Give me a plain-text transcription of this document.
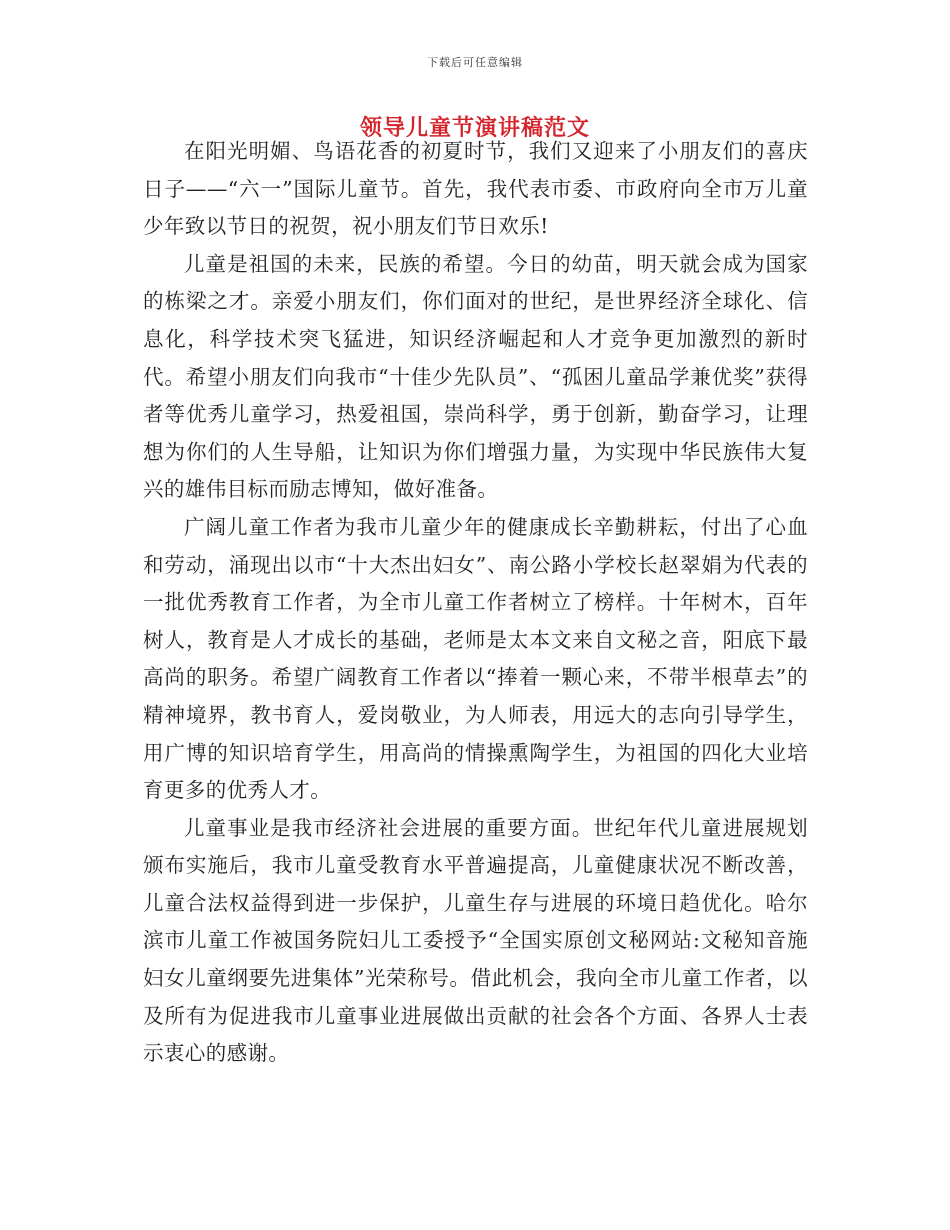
下载后可任意编辑
领导儿童节演讲稿范文

在阳光明媚、鸟语花香的初夏时节，我们又迎来了小朋友们的喜庆日子——“六一”国际儿童节。首先，我代表市委、市政府向全市万儿童少年致以节日的祝贺，祝小朋友们节日欢乐!

儿童是祖国的未来，民族的希望。今日的幼苗，明天就会成为国家的栋梁之才。亲爱小朋友们，你们面对的世纪，是世界经济全球化、信息化，科学技术突飞猛进，知识经济崛起和人才竞争更加激烈的新时代。希望小朋友们向我市“十佳少先队员”、“孤困儿童品学兼优奖”获得者等优秀儿童学习，热爱祖国，崇尚科学，勇于创新，勤奋学习，让理想为你们的人生导船，让知识为你们增强力量，为实现中华民族伟大复兴的雄伟目标而励志博知，做好准备。

广阔儿童工作者为我市儿童少年的健康成长辛勤耕耘，付出了心血和劳动，涌现出以市“十大杰出妇女”、南公路小学校长赵翠娟为代表的一批优秀教育工作者，为全市儿童工作者树立了榜样。十年树木，百年树人，教育是人才成长的基础，老师是太本文来自文秘之音，阳底下最高尚的职务。希望广阔教育工作者以“捧着一颗心来，不带半根草去”的精神境界，教书育人，爱岗敬业，为人师表，用远大的志向引导学生，用广博的知识培育学生，用高尚的情操熏陶学生，为祖国的四化大业培育更多的优秀人才。

儿童事业是我市经济社会进展的重要方面。世纪年代儿童进展规划颁布实施后，我市儿童受教育水平普遍提高，儿童健康状况不断改善，儿童合法权益得到进一步保护，儿童生存与进展的环境日趋优化。哈尔滨市儿童工作被国务院妇儿工委授予“全国实原创文秘网站:文秘知音施妇女儿童纲要先进集体”光荣称号。借此机会，我向全市儿童工作者，以及所有为促进我市儿童事业进展做出贡献的社会各个方面、各界人士表示衷心的感谢。
